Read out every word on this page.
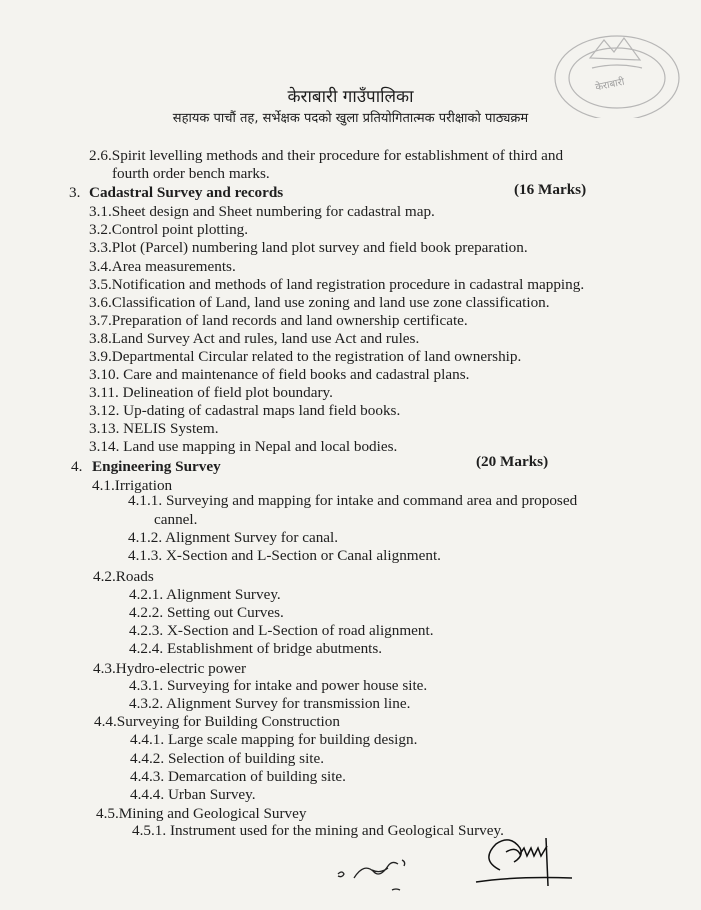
केराबारी
केराबारी गाउँपालिका
सहायक पाचौं तह, सर्भेक्षक पदको खुला प्रतियोगितात्मक परीक्षाको पाठ्यक्रम
2.6.Spirit levelling methods and their procedure for establishment of third and
fourth order bench marks.
3. Cadastral Survey and records	(16 Marks)
3.1.Sheet design and Sheet numbering for cadastral map.
3.2.Control point plotting.
3.3.Plot (Parcel) numbering land plot survey and field book preparation.
3.4.Area measurements.
3.5.Notification and methods of land registration procedure in cadastral mapping.
3.6.Classification of Land, land use zoning and land use zone classification.
3.7.Preparation of land records and land ownership certificate.
3.8.Land Survey Act and rules, land use Act and rules.
3.9.Departmental Circular related to the registration of land ownership.
3.10. Care and maintenance of field books and cadastral plans.
3.11. Delineation of field plot boundary.
3.12. Up-dating of cadastral maps land field books.
3.13. NELIS System.
3.14. Land use mapping in Nepal and local bodies.
4. Engineering Survey	(20 Marks)
4.1.Irrigation
4.1.1. Surveying and mapping for intake and command area and proposed
cannel.
4.1.2. Alignment Survey for canal.
4.1.3. X-Section and L-Section or Canal alignment.
4.2.Roads
4.2.1. Alignment Survey.
4.2.2. Setting out Curves.
4.2.3. X-Section and L-Section of road alignment.
4.2.4. Establishment of bridge abutments.
4.3.Hydro-electric power
4.3.1. Surveying for intake and power house site.
4.3.2. Alignment Survey for transmission line.
4.4.Surveying for Building Construction
4.4.1. Large scale mapping for building design.
4.4.2. Selection of building site.
4.4.3. Demarcation of building site.
4.4.4. Urban Survey.
4.5.Mining and Geological Survey
4.5.1. Instrument used for the mining and Geological Survey.
